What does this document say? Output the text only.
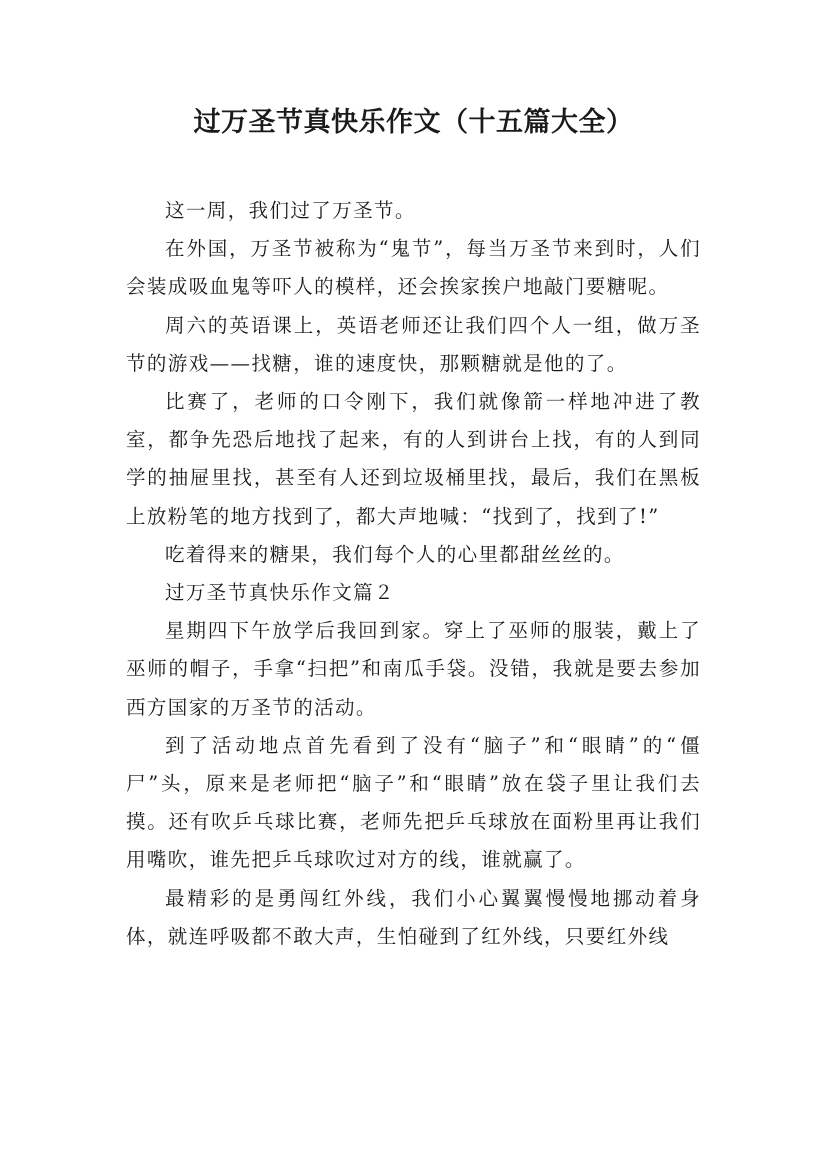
过万圣节真快乐作文（十五篇大全）

这一周，我们过了万圣节。

在外国，万圣节被称为“鬼节”，每当万圣节来到时，人们会装成吸血鬼等吓人的模样，还会挨家挨户地敲门要糖呢。

周六的英语课上，英语老师还让我们四个人一组，做万圣节的游戏——找糖，谁的速度快，那颗糖就是他的了。

比赛了，老师的口令刚下，我们就像箭一样地冲进了教室，都争先恐后地找了起来，有的人到讲台上找，有的人到同学的抽屉里找，甚至有人还到垃圾桶里找，最后，我们在黑板上放粉笔的地方找到了，都大声地喊：“找到了，找到了!”

吃着得来的糖果，我们每个人的心里都甜丝丝的。

过万圣节真快乐作文篇２

星期四下午放学后我回到家。穿上了巫师的服装，戴上了巫师的帽子，手拿“扫把”和南瓜手袋。没错，我就是要去参加西方国家的万圣节的活动。

到了活动地点首先看到了没有“脑子”和“眼睛”的“僵尸”头，原来是老师把“脑子”和“眼睛”放在袋子里让我们去摸。还有吹乒乓球比赛，老师先把乒乓球放在面粉里再让我们用嘴吹，谁先把乒乓球吹过对方的线，谁就赢了。

最精彩的是勇闯红外线，我们小心翼翼慢慢地挪动着身体，就连呼吸都不敢大声，生怕碰到了红外线，只要红外线
